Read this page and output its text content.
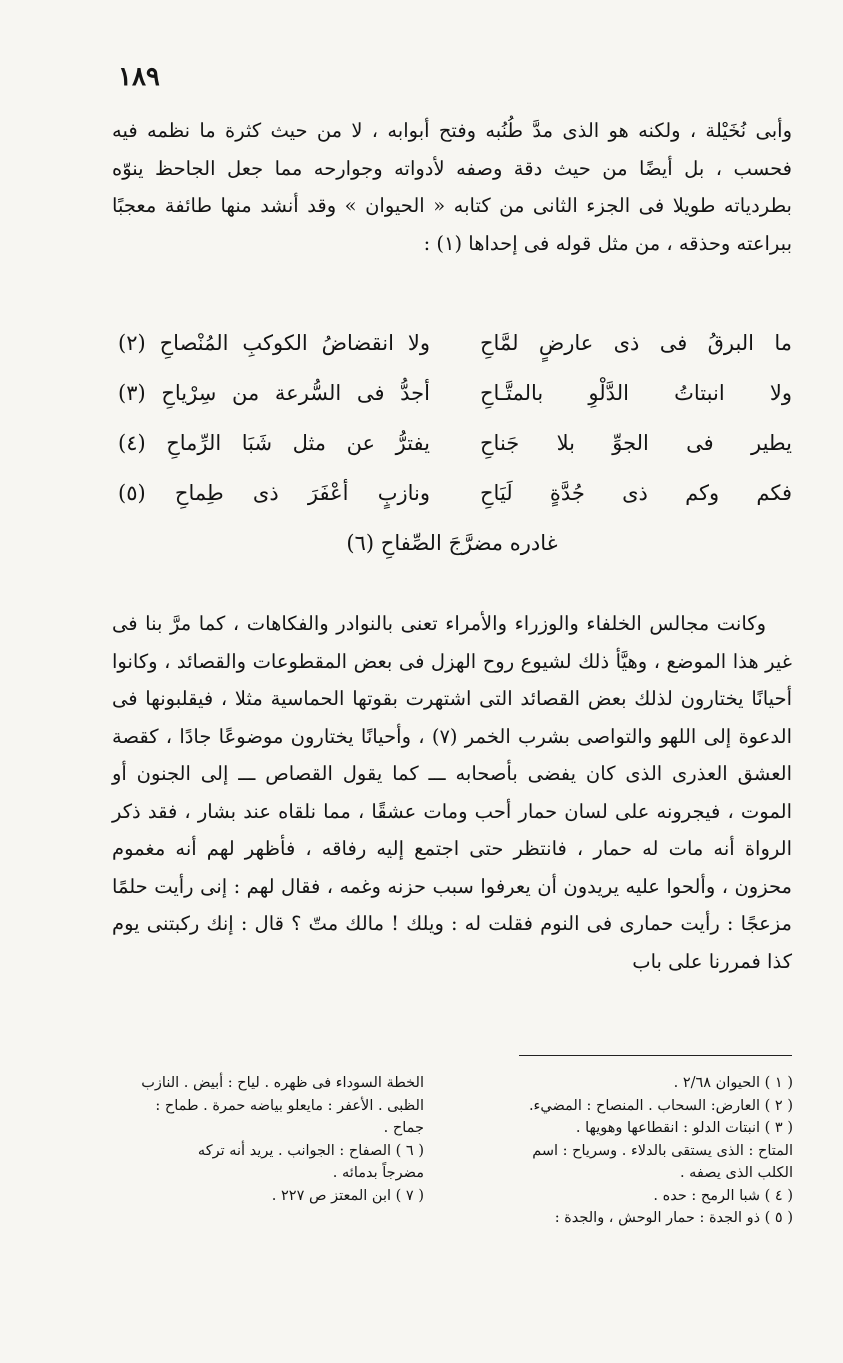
١٨٩

وأبى نُخَيْلة ، ولكنه هو الذى مدَّ طُنُبه وفتح أبوابه ، لا من حيث كثرة ما نظمه فيه فحسب ، بل أيضًا من حيث دقة وصفه لأدواته وجوارحه مما جعل الجاحظ ينوّه بطردياته طويلا فى الجزء الثانى من كتابه « الحيوان » وقد أنشد منها طائفة معجبًا ببراعته وحذقه ، من مثل قوله فى إحداها (١) :

ما البرقُ فى ذى عارضٍ لمَّاحِ
ولا انقضاضُ الكوكبِ المُنْصاحِ (٢)
ولا انبتاتُ الدَّلْوِ بالمتَّـاحِ
أجدُّ فى السُّرعة من سِرْياحِ (٣)
يطير فى الجوِّ بلا جَناحِ
يفترُّ عن مثل شَبَا الرِّماحِ (٤)
فكم وكم ذى جُدَّةٍ لَيَاحِ
ونازبٍ أعْفَرَ ذى طِماحِ (٥)
غادره مضرَّجَ الصِّفاحِ (٦)

وكانت مجالس الخلفاء والوزراء والأمراء تعنى بالنوادر والفكاهات ، كما مرَّ بنا فى غير هذا الموضع ، وهيَّأ ذلك لشيوع روح الهزل فى بعض المقطوعات والقصائد ، وكانوا أحيانًا يختارون لذلك بعض القصائد التى اشتهرت بقوتها الحماسية مثلا ، فيقلبونها فى الدعوة إلى اللهو والتواصى بشرب الخمر (٧) ، وأحيانًا يختارون موضوعًا جادًا ، كقصة العشق العذرى الذى كان يفضى بأصحابه ـــ كما يقول القصاص ـــ إلى الجنون أو الموت ، فيجرونه على لسان حمار أحب ومات عشقًا ، مما نلقاه عند بشار ، فقد ذكر الرواة أنه مات له حمار ، فانتظر حتى اجتمع إليه رفاقه ، فأظهر لهم أنه مغموم محزون ، وألحوا عليه يريدون أن يعرفوا سبب حزنه وغمه ، فقال لهم : إنى رأيت حلمًا مزعجًا : رأيت حمارى فى النوم فقلت له : ويلك ! مالك متّ ؟ قال : إنك ركبتنى يوم كذا فمررنا على باب

( ١ ) الحيوان ٢/٦٨ .
( ٢ ) العارض: السحاب . المنصاح : المضيء.
( ٣ ) انبتات الدلو : انقطاعها وهويها .
المتاح : الذى يستقى بالدلاء . وسرياح : اسم
الكلب الذى يصفه .
( ٤ ) شبا الرمح : حده .
( ٥ ) ذو الجدة : حمار الوحش ، والجدة :
الخطة السوداء فى ظهره . لياح : أبيض . النازب
الظبى . الأعفر : مايعلو بياضه حمرة . طماح :
جماح .
( ٦ ) الصفاح : الجوانب . يريد أنه تركه
مضرجاً بدمائه .
( ٧ ) ابن المعتز ص ٢٢٧ .
